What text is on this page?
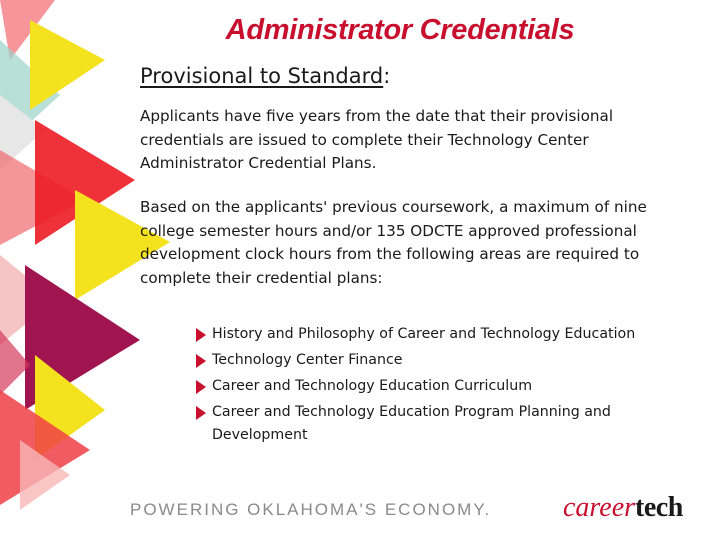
Administrator Credentials
Provisional to Standard:
Applicants have five years from the date that their provisional credentials are issued to complete their Technology Center Administrator Credential Plans.
Based on the applicants' previous coursework, a maximum of nine college semester hours and/or 135 ODCTE approved professional development clock hours from the following areas are required to complete their credential plans:
History and Philosophy of Career and Technology Education
Technology Center Finance
Career and Technology Education Curriculum
Career and Technology Education Program Planning and Development
POWERING OKLAHOMA'S ECONOMY.	careertech
